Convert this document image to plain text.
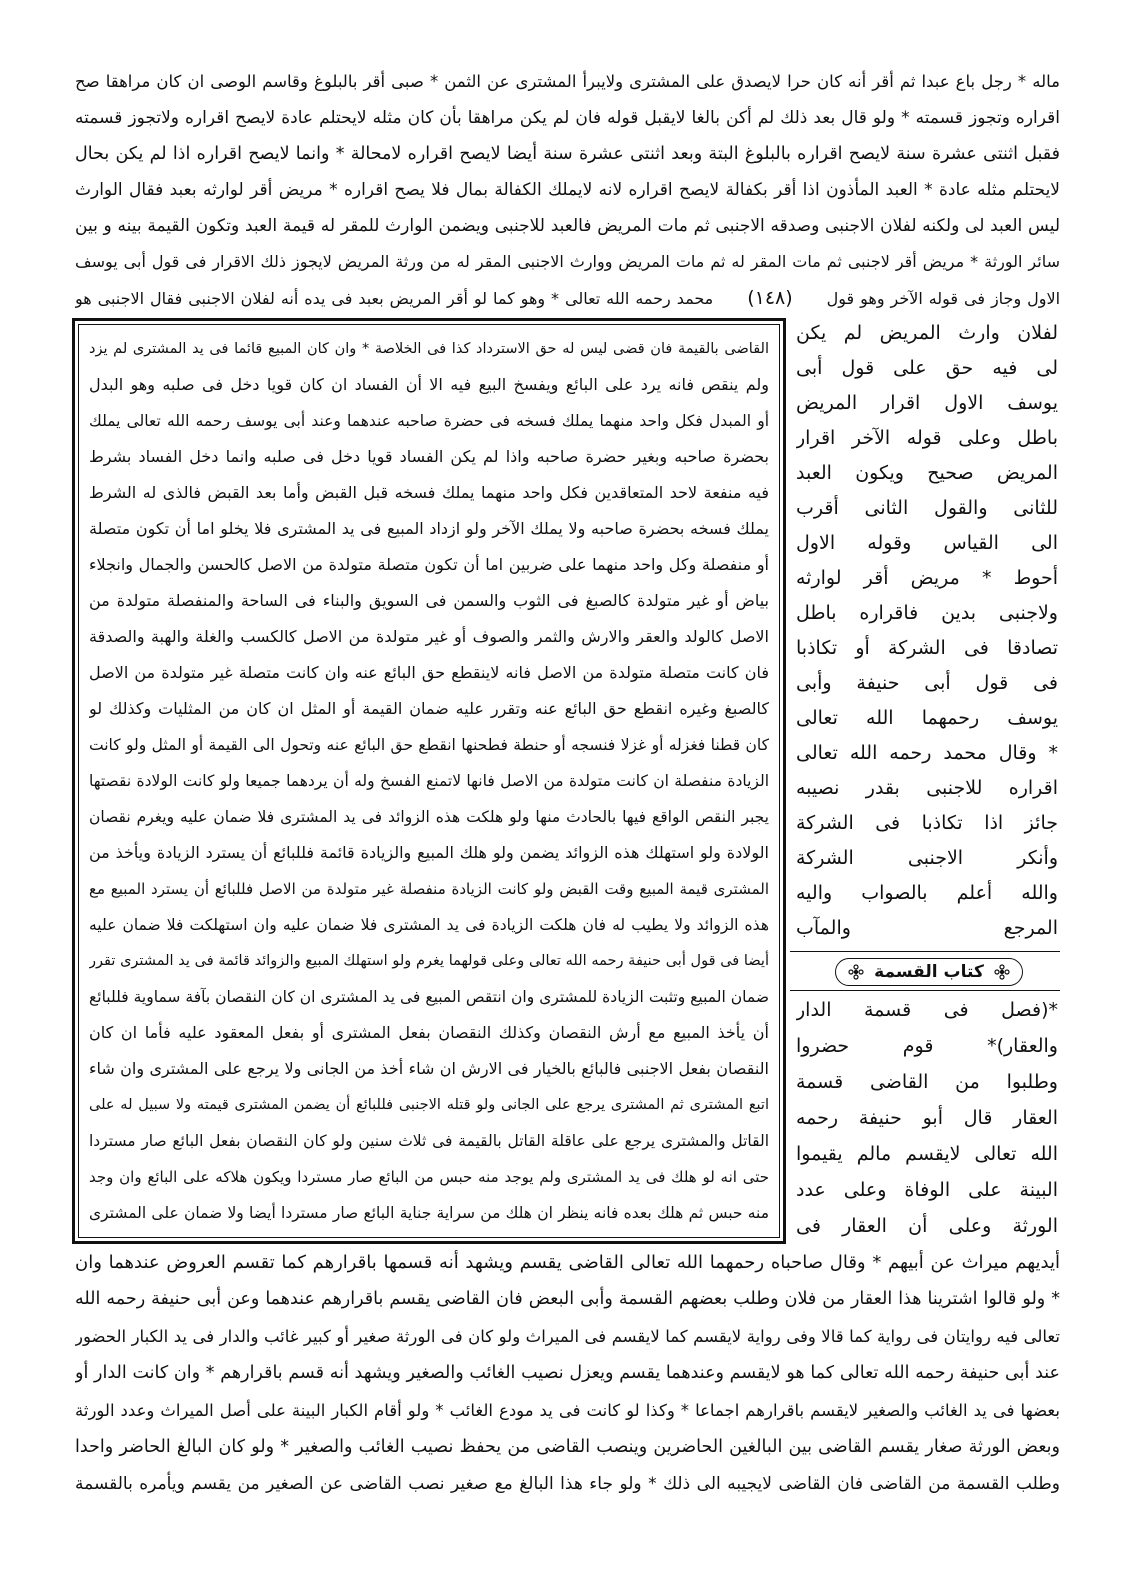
ماله * رجل باع عبدا ثم أقر أنه كان حرا لايصدق على المشترى ولايبرأ المشترى عن الثمن * صبى أقر بالبلوغ وقاسم الوصى ان كان مراهقا صح
اقراره وتجوز قسمته * ولو قال بعد ذلك لم أكن بالغا لايقبل قوله فان لم يكن مراهقا بأن كان مثله لايحتلم عادة لايصح اقراره ولاتجوز قسمته
فقبل اثنتى عشرة سنة لايصح اقراره بالبلوغ البتة وبعد اثنتى عشرة سنة أيضا لايصح اقراره لامحالة * وانما لايصح اقراره اذا لم يكن بحال
لايحتلم مثله عادة * العبد المأذون اذا أقر بكفالة لايصح اقراره لانه لايملك الكفالة بمال فلا يصح اقراره * مريض أقر لوارثه بعبد فقال الوارث
ليس العبد لى ولكنه لفلان الاجنبى وصدقه الاجنبى ثم مات المريض فالعبد للاجنبى ويضمن الوارث للمقر له قيمة العبد وتكون القيمة بينه و بين
سائر الورثة * مريض أقر لاجنبى ثم مات المقر له ثم مات المريض ووارث الاجنبى المقر له من ورثة المريض لايجوز ذلك الاقرار فى قول أبى يوسف
الاول وجاز فى قوله الآخر وهو قول (١٤٨) محمد رحمه الله تعالى * وهو كما لو أقر المريض بعبد فى يده أنه لفلان الاجنبى فقال الاجنبى هو
القاضى بالقيمة فان قضى ليس له حق الاسترداد كذا فى الخلاصة * وان كان المبيع قائما فى يد المشترى لم يزد
ولم ينقص فانه يرد على البائع ويفسخ البيع فيه الا أن الفساد ان كان قويا دخل فى صلبه وهو البدل
أو المبدل فكل واحد منهما يملك فسخه فى حضرة صاحبه عندهما وعند أبى يوسف رحمه الله تعالى يملك
بحضرة صاحبه وبغير حضرة صاحبه واذا لم يكن الفساد قويا دخل فى صلبه وانما دخل الفساد بشرط
فيه منفعة لاحد المتعاقدين فكل واحد منهما يملك فسخه قبل القبض وأما بعد القبض فالذى له الشرط
يملك فسخه بحضرة صاحبه ولا يملك الآخر ولو ازداد المبيع فى يد المشترى فلا يخلو اما أن تكون متصلة
أو منفصلة وكل واحد منهما على ضربين اما أن تكون متصلة متولدة من الاصل كالحسن والجمال وانجلاء
بياض أو غير متولدة كالصبغ فى الثوب والسمن فى السويق والبناء فى الساحة والمنفصلة متولدة من
الاصل كالولد والعقر والارش والثمر والصوف أو غير متولدة من الاصل كالكسب والغلة والهبة والصدقة
فان كانت متصلة متولدة من الاصل فانه لاينقطع حق البائع عنه وان كانت متصلة غير متولدة من الاصل
كالصبغ وغيره انقطع حق البائع عنه وتقرر عليه ضمان القيمة أو المثل ان كان من المثليات وكذلك لو
كان قطنا فغزله أو غزلا فنسجه أو حنطة فطحنها انقطع حق البائع عنه وتحول الى القيمة أو المثل ولو كانت
الزيادة منفصلة ان كانت متولدة من الاصل فانها لاتمنع الفسخ وله أن يردهما جميعا ولو كانت الولادة نقصتها
يجبر النقص الواقع فيها بالحادث منها ولو هلكت هذه الزوائد فى يد المشترى فلا ضمان عليه ويغرم نقصان
الولادة ولو استهلك هذه الزوائد يضمن ولو هلك المبيع والزيادة قائمة فللبائع أن يسترد الزيادة ويأخذ من
المشترى قيمة المبيع وقت القبض ولو كانت الزيادة منفصلة غير متولدة من الاصل فللبائع أن يسترد المبيع مع
هذه الزوائد ولا يطيب له فان هلكت الزيادة فى يد المشترى فلا ضمان عليه وان استهلكت فلا ضمان عليه
أيضا فى قول أبى حنيفة رحمه الله تعالى وعلى قولهما يغرم ولو استهلك المبيع والزوائد قائمة فى يد المشترى تقرر
ضمان المبيع وتثبت الزيادة للمشترى وان انتقص المبيع فى يد المشترى ان كان النقصان بآفة سماوية فللبائع
أن يأخذ المبيع مع أرش النقصان وكذلك النقصان بفعل المشترى أو بفعل المعقود عليه فأما ان كان
النقصان بفعل الاجنبى فالبائع بالخيار فى الارش ان شاء أخذ من الجانى ولا يرجع على المشترى وان شاء
اتبع المشترى ثم المشترى يرجع على الجانى ولو قتله الاجنبى فللبائع أن يضمن المشترى قيمته ولا سبيل له على
القاتل والمشترى يرجع على عاقلة القاتل بالقيمة فى ثلاث سنين ولو كان النقصان بفعل البائع صار مستردا
حتى انه لو هلك فى يد المشترى ولم يوجد منه حبس من البائع صار مستردا ويكون هلاكه على البائع وان وجد
منه حبس ثم هلك بعده فانه ينظر ان هلك من سراية جناية البائع صار مستردا أيضا ولا ضمان على المشترى
لفلان وارث المريض لم يكن
لى فيه حق على قول أبى
يوسف الاول اقرار المريض
باطل وعلى قوله الآخر اقرار
المريض صحيح ويكون العبد
للثانى والقول الثانى أقرب
الى القياس وقوله الاول
أحوط * مريض أقر لوارثه
ولاجنبى بدين فاقراره باطل
تصادقا فى الشركة أو تكاذبا
فى قول أبى حنيفة وأبى
يوسف رحمهما الله تعالى
* وقال محمد رحمه الله تعالى
اقراره للاجنبى بقدر نصيبه
جائز اذا تكاذبا فى الشركة
وأنكر الاجنبى الشركة
والله أعلم بالصواب واليه
المرجع والمآب
كتاب القسمة
*(فصل فى قسمة الدار
والعقار)* قوم حضروا
وطلبوا من القاضى قسمة
العقار قال أبو حنيفة رحمه
الله تعالى لايقسم مالم يقيموا
البينة على الوفاة وعلى عدد
الورثة وعلى أن العقار فى
أيديهم ميراث عن أبيهم * وقال صاحباه رحمهما الله تعالى القاضى يقسم ويشهد أنه قسمها باقرارهم كما تقسم العروض عندهما وان
* ولو قالوا اشترينا هذا العقار من فلان وطلب بعضهم القسمة وأبى البعض فان القاضى يقسم باقرارهم عندهما وعن أبى حنيفة رحمه الله
تعالى فيه روايتان فى رواية كما قالا وفى رواية لايقسم كما لايقسم فى الميراث ولو كان فى الورثة صغير أو كبير غائب والدار فى يد الكبار الحضور
عند أبى حنيفة رحمه الله تعالى كما هو لايقسم وعندهما يقسم ويعزل نصيب الغائب والصغير ويشهد أنه قسم باقرارهم * وان كانت الدار أو
بعضها فى يد الغائب والصغير لايقسم باقرارهم اجماعا * وكذا لو كانت فى يد مودع الغائب * ولو أقام الكبار البينة على أصل الميراث وعدد الورثة
وبعض الورثة صغار يقسم القاضى بين البالغين الحاضرين وينصب القاضى من يحفظ نصيب الغائب والصغير * ولو كان البالغ الحاضر واحدا
وطلب القسمة من القاضى فان القاضى لايجيبه الى ذلك * ولو جاء هذا البالغ مع صغير نصب القاضى عن الصغير من يقسم ويأمره بالقسمة
